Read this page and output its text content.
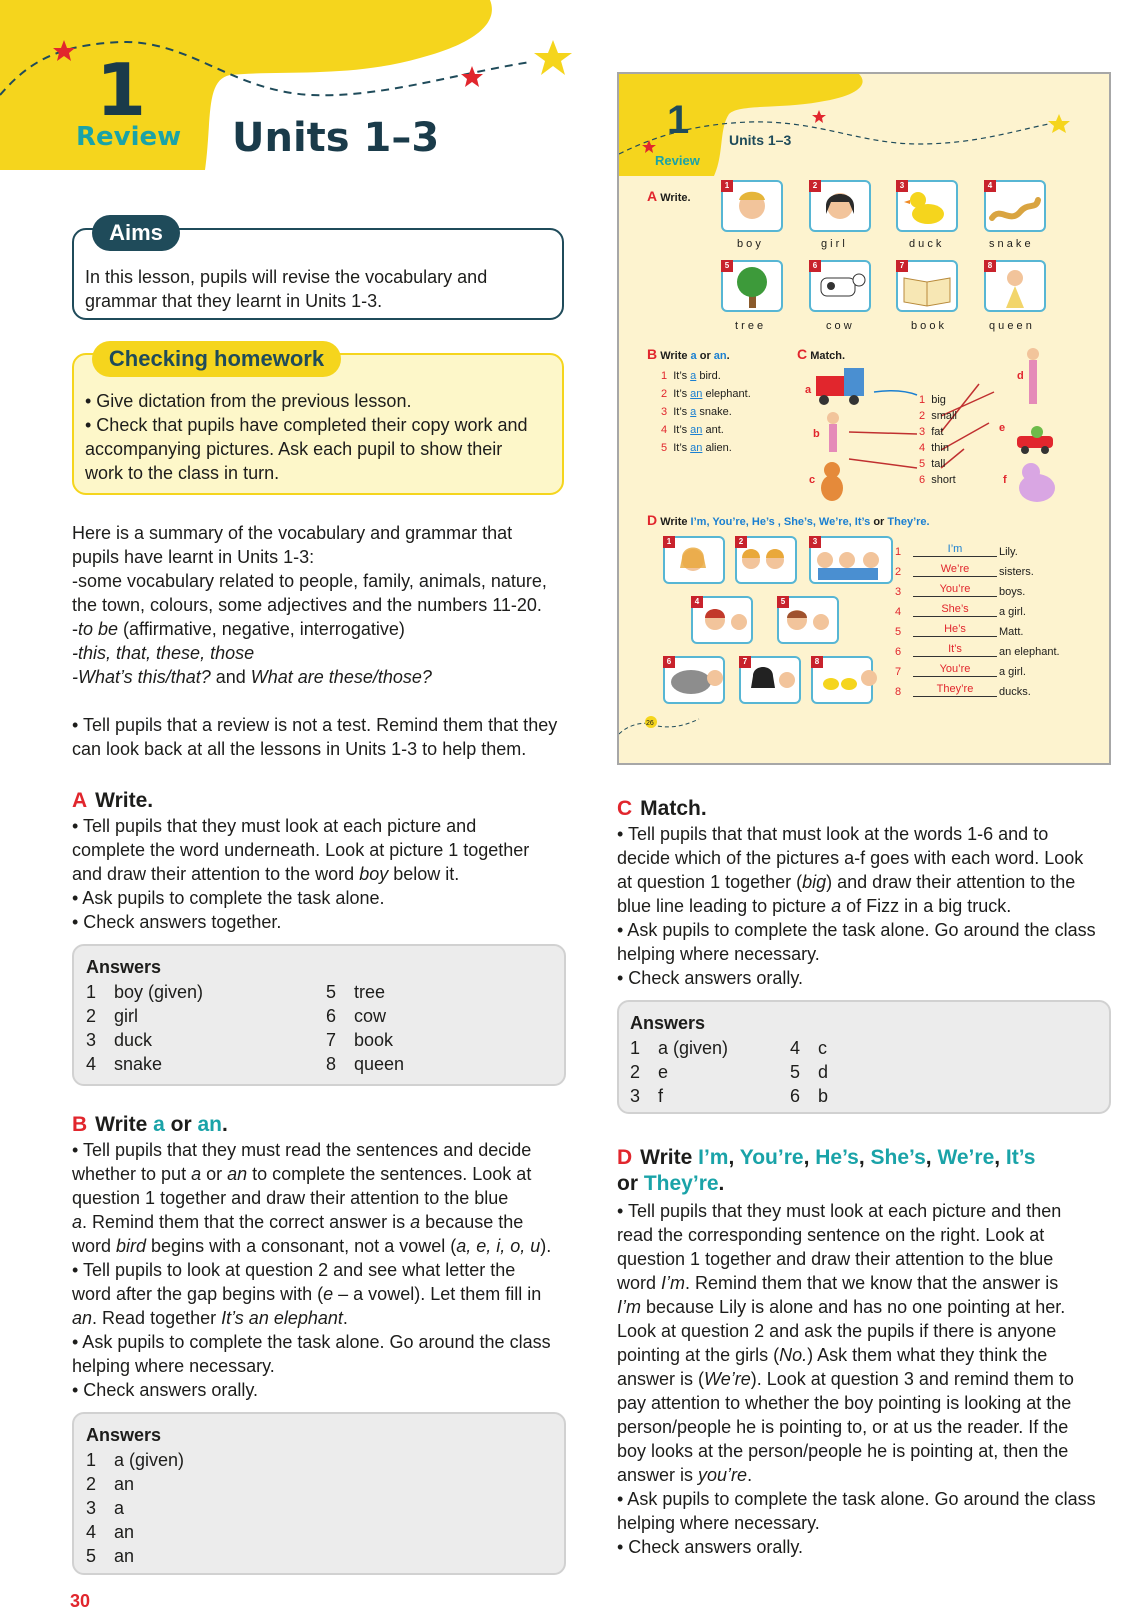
1
Review Units 1–3
Aims

In this lesson, pupils will revise the vocabulary and

grammar that they learnt in Units 1-3.

Checking homework

• Give dictation from the previous lesson.

• Check that pupils have completed their copy work and

accompanying pictures. Ask each pupil to show their

work to the class in turn.

Here is a summary of the vocabulary and grammar that

pupils have learnt in Units 1-3:

-some vocabulary related to people, family, animals, nature,

the town, colours, some adjectives and the numbers 11-20.

-to be (affirmative, negative, interrogative)

-this, that, these, those

-What’s this/that? and What are these/those?

• Tell pupils that a review is not a test. Remind them that they

can look back at all the lessons in Units 1-3 to help them.

A Write.

• Tell pupils that they must look at each picture and

complete the word underneath. Look at picture 1 together

and draw their attention to the word boy below it.

• Ask pupils to complete the task alone.

• Check answers together.

Answers
1 boy (given)
2 girl
3 duck
4 snake
5 tree
6 cow
7 book
8 queen

B Write a or an.

• Tell pupils that they must read the sentences and decide

whether to put a or an to complete the sentences. Look at

question 1 together and draw their attention to the blue

a. Remind them that the correct answer is a because the

word bird begins with a consonant, not a vowel (a, e, i, o, u).

• Tell pupils to look at question 2 and see what letter the

word after the gap begins with (e – a vowel). Let them fill in

an. Read together It’s an elephant.

• Ask pupils to complete the task alone. Go around the class

helping where necessary.

• Check answers orally.

Answers
1 a (given)
2 an
3 a
4 an
5 an
30

C Match.

• Tell pupils that that must look at the words 1-6 and to

decide which of the pictures a-f goes with each word. Look

at question 1 together (big) and draw their attention to the

blue line leading to picture a of Fizz in a big truck.

• Ask pupils to complete the task alone. Go around the class

helping where necessary.

• Check answers orally.

Answers
1 a (given)
2 e
3 f
4 c
5 d
6 b

D Write I’m, You’re, He’s, She’s, We’re, It’s

or They’re.

• Tell pupils that they must look at each picture and then

read the corresponding sentence on the right. Look at

question 1 together and draw their attention to the blue

word I’m. Remind them that we know that the answer is

I’m because Lily is alone and has no one pointing at her.

Look at question 2 and ask the pupils if there is anyone

pointing at the girls (No.) Ask them what they think the

answer is (We’re). Look at question 3 and remind them to

pay attention to whether the boy pointing is looking at the

person/people he is pointing to, or at us the reader. If the

boy looks at the person/people he is pointing at, then the

answer is you’re.

• Ask pupils to complete the task alone. Go around the class

helping where necessary.

• Check answers orally.

1
Review
Units 1–3
A Write.
1	2	3	4
b o y	g i r l	d u c k	s n a k e
5	6	7	8
t r e e	c o w	b o o k	q u e e n
B Write a or an.
1 It’s a bird.
2 It’s an elephant.
3 It’s a snake.
4 It’s an ant.
5 It’s an alien.
C Match.
1 big
2 small
3 fat
4 thin
5 tall
6 short
a
b
c
d
e
f
D Write I’m, You’re, He’s , She’s, We’re, It’s or They’re.
1	2	3
4	5
6	7	8
1	I’m	Lily.
2	We’re	sisters.
3	You’re	boys.
4	She’s	a girl.
5	He’s	Matt.
6	It’s	an elephant.
7	You’re	a girl.
8	They’re	ducks.
26
